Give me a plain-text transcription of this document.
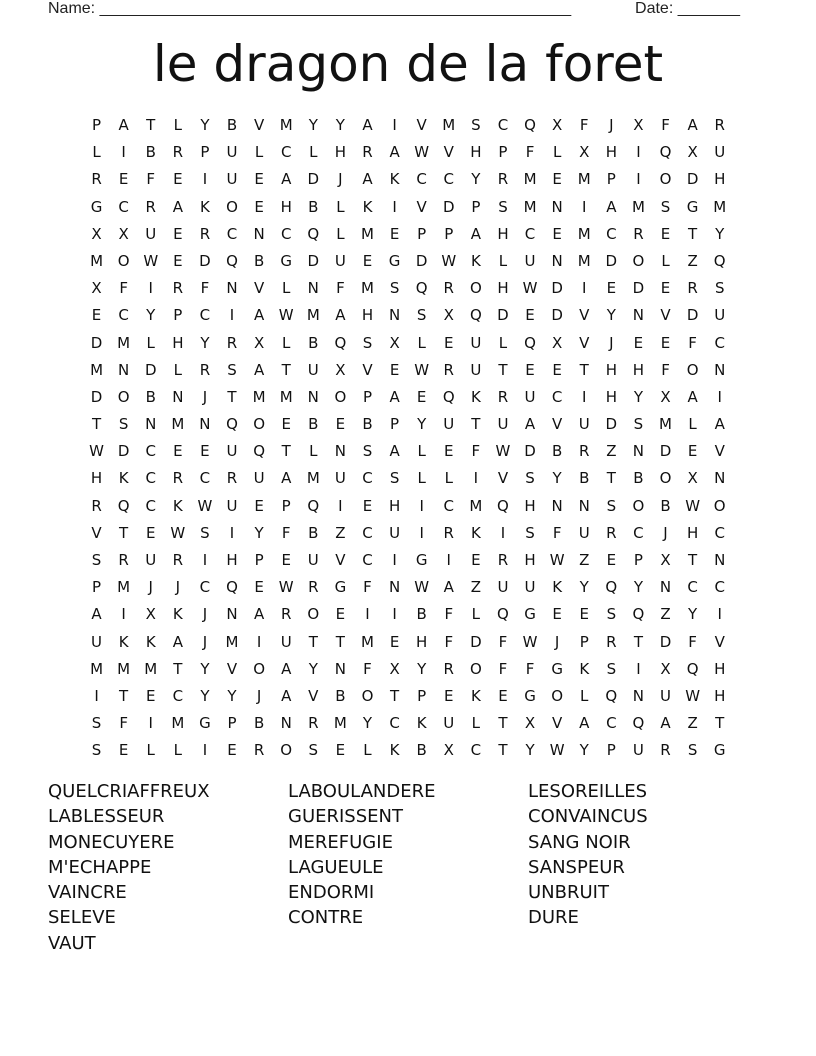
Name: _____________________________________________________	Date: _______
le dragon de la foret
P	A	T	L	Y	B	V	M	Y	Y	A	I	V	M	S	C	Q	X	F	J	X	F	A	R
L	I	B	R	P	U	L	C	L	H	R	A W V	H	P	F	L	X	H	I	Q	X	U
R	E	F	E	I	U	E	A	D	J	A	K	C	C	Y	R	M	E	M	P	I	O	D	H
G	C	R	A	K	O	E	H	B	L	K	I	V	D	P	S	M	N	I	A	M	S	G M
X	X	U	E	R	C	N	C	Q	L	M	E	P	P	A	H	C	E	M	C	R	E	T	Y
M O W E	D	Q	B	G	D	U	E	G	D W K	L	U	N	M D	O	L	Z	Q
X	F	I	R	F	N	V	L	N	F	M	S	Q	R	O	H W D	I	E	D	E	R	S
E	C	Y	P	C	I	A W M	A	H	N	S	X	Q	D	E	D	V	Y	N	V	D	U
D M	L	H	Y	R	X	L	B	Q	S	X	L	E	U	L	Q	X	V	J	E	E	F	C
M	N	D	L	R	S	A	T	U	X	V	E W R	U	T	E	E	T	H	H	F	O	N
D	O	B	N	J	T	M M	N	O	P	A	E	Q	K	R	U	C	I	H	Y	X	A	I
T	S	N	M	N	Q	O	E	B	E	B	P	Y	U	T	U	A	V	U	D	S	M	L	A
W D	C	E	E	U	Q	T	L	N	S	A	L	E	F	W D	B	R	Z	N	D	E	V
H	K	C	R	C	R	U	A	M	U	C	S	L	L	I	V	S	Y	B	T	B	O	X	N
R	Q	C	K W U	E	P	Q	I	E	H	I	C	M Q	H	N	N	S	O	B W O
V	T	E W S	I	Y	F	B	Z	C	U	I	R	K	I	S	F	U	R	C	J	H	C
S	R	U	R	I	H	P	E	U	V	C	I	G	I	E	R	H W Z	E	P	X	T	N
P	M	J	J	C	Q	E W R	G	F	N W A	Z	U	U	K	Y	Q	Y	N	C	C
A	I	X	K	J	N	A	R	O	E	I	I	B	F	L	Q	G	E	E	S	Q	Z	Y	I
U	K	K	A	J	M	I	U	T	T	M	E	H	F	D	F	W	J	P	R	T	D	F	V
M M M	T	Y	V	O	A	Y	N	F	X	Y	R	O	F	F	G	K	S	I	X	Q	H
I	T	E	C	Y	Y	J	A	V	B	O	T	P	E	K	E	G	O	L	Q	N	U W H
S	F	I	M G	P	B	N	R	M	Y	C	K	U	L	T	X	V	A	C	Q	A	Z	T
S	E	L	L	I	E	R	O	S	E	L	K	B	X	C	T	Y	W	Y	P	U	R	S	G
QUELCRIAFFREUX
LABLESSEUR
MONECUYERE
M'ECHAPPE
VAINCRE
SELEVE
VAUT
LABOULANDERE
GUERISSENT
MEREFUGIE
LAGUEULE
ENDORMI
CONTRE
LESOREILLES
CONVAINCUS
SANG NOIR
SANSPEUR
UNBRUIT
DURE
